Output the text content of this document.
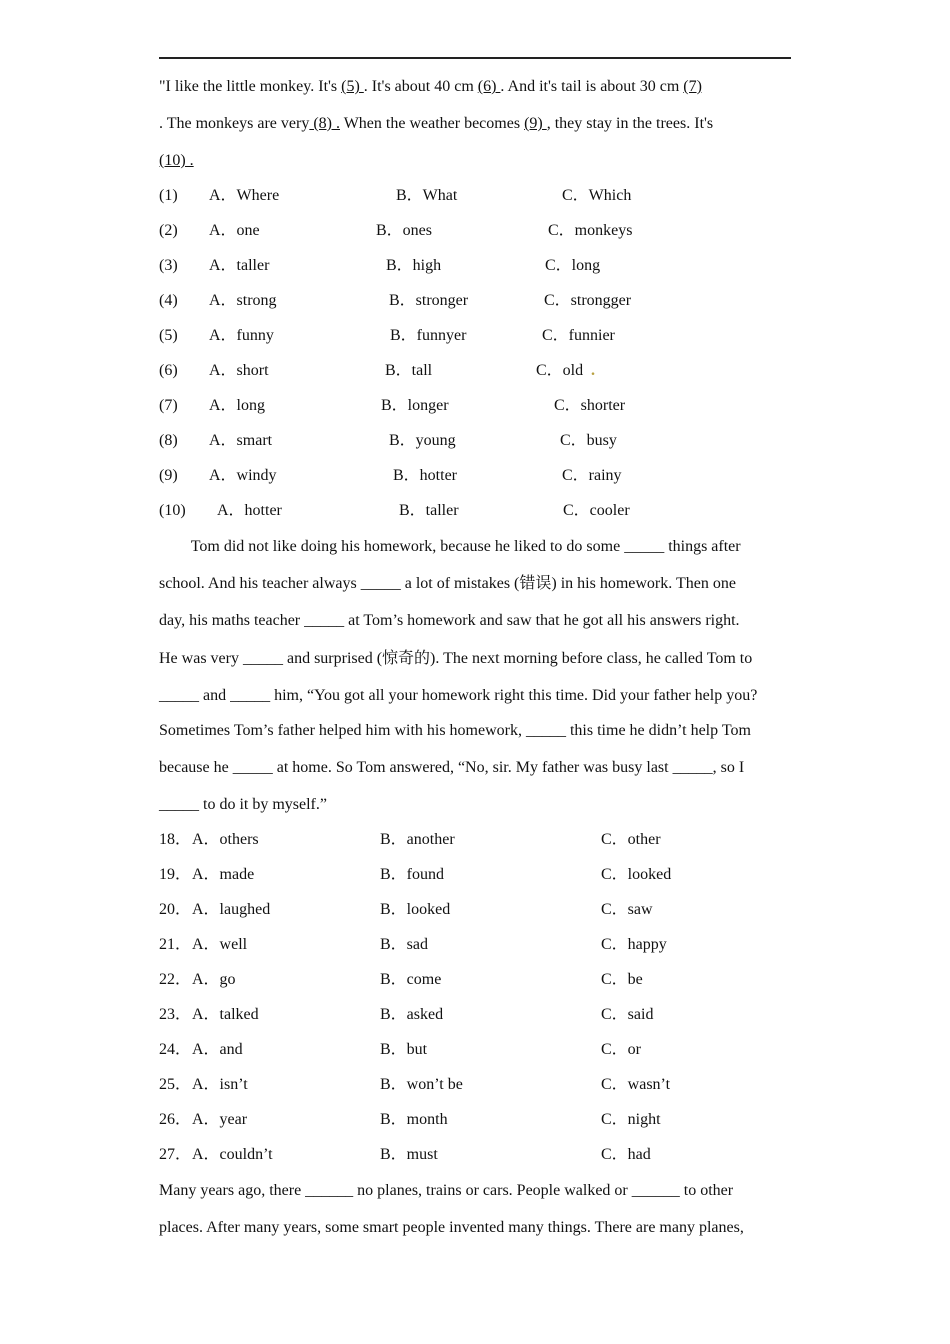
"I like the little monkey. It's (5) . It's about 40 cm (6) . And it's tail is about 30 cm (7)
. The monkeys are very (8) . When the weather becomes (9) , they stay in the trees. It's
(10) .
(1) A．Where	B．What	C．Which
(2) A．one	B．ones	C．monkeys
(3) A．taller	B．high	C．long
(4) A．strong	B．stronger	C．strongger
(5) A．funny	B．funnyer	C．funnier
(6) A．short	B．tall	C．old .
(7) A．long	B．longer	C．shorter
(8) A．smart	B．young	C．busy
(9) A．windy	B．hotter	C．rainy
(10) A．hotter	B．taller	C．cooler
Tom did not like doing his homework, because he liked to do some _____ things after
school. And his teacher always _____ a lot of mistakes (错误) in his homework. Then one
day, his maths teacher _____ at Tom’s homework and saw that he got all his answers right.
He was very _____ and surprised (惊奇的). The next morning before class, he called Tom to
_____ and _____ him, “You got all your homework right this time. Did your father help you?
Sometimes Tom’s father helped him with his homework, _____ this time he didn’t help Tom
because he _____ at home. So Tom answered, “No, sir. My father was busy last _____, so I
_____ to do it by myself.”
18． A．others	B．another	C．other
19． A．made	B．found	C．looked
20． A．laughed	B．looked	C．saw
21． A．well	B．sad	C．happy
22． A．go	B．come	C．be
23． A．talked	B．asked	C．said
24． A．and	B．but	C．or
25． A．isn’t	B．won’t be	C．wasn’t
26． A．year	B．month	C．night
27． A．couldn’t	B．must	C．had
Many years ago, there ______ no planes, trains or cars. People walked or ______ to other
places. After many years, some smart people invented many things. There are many planes,
